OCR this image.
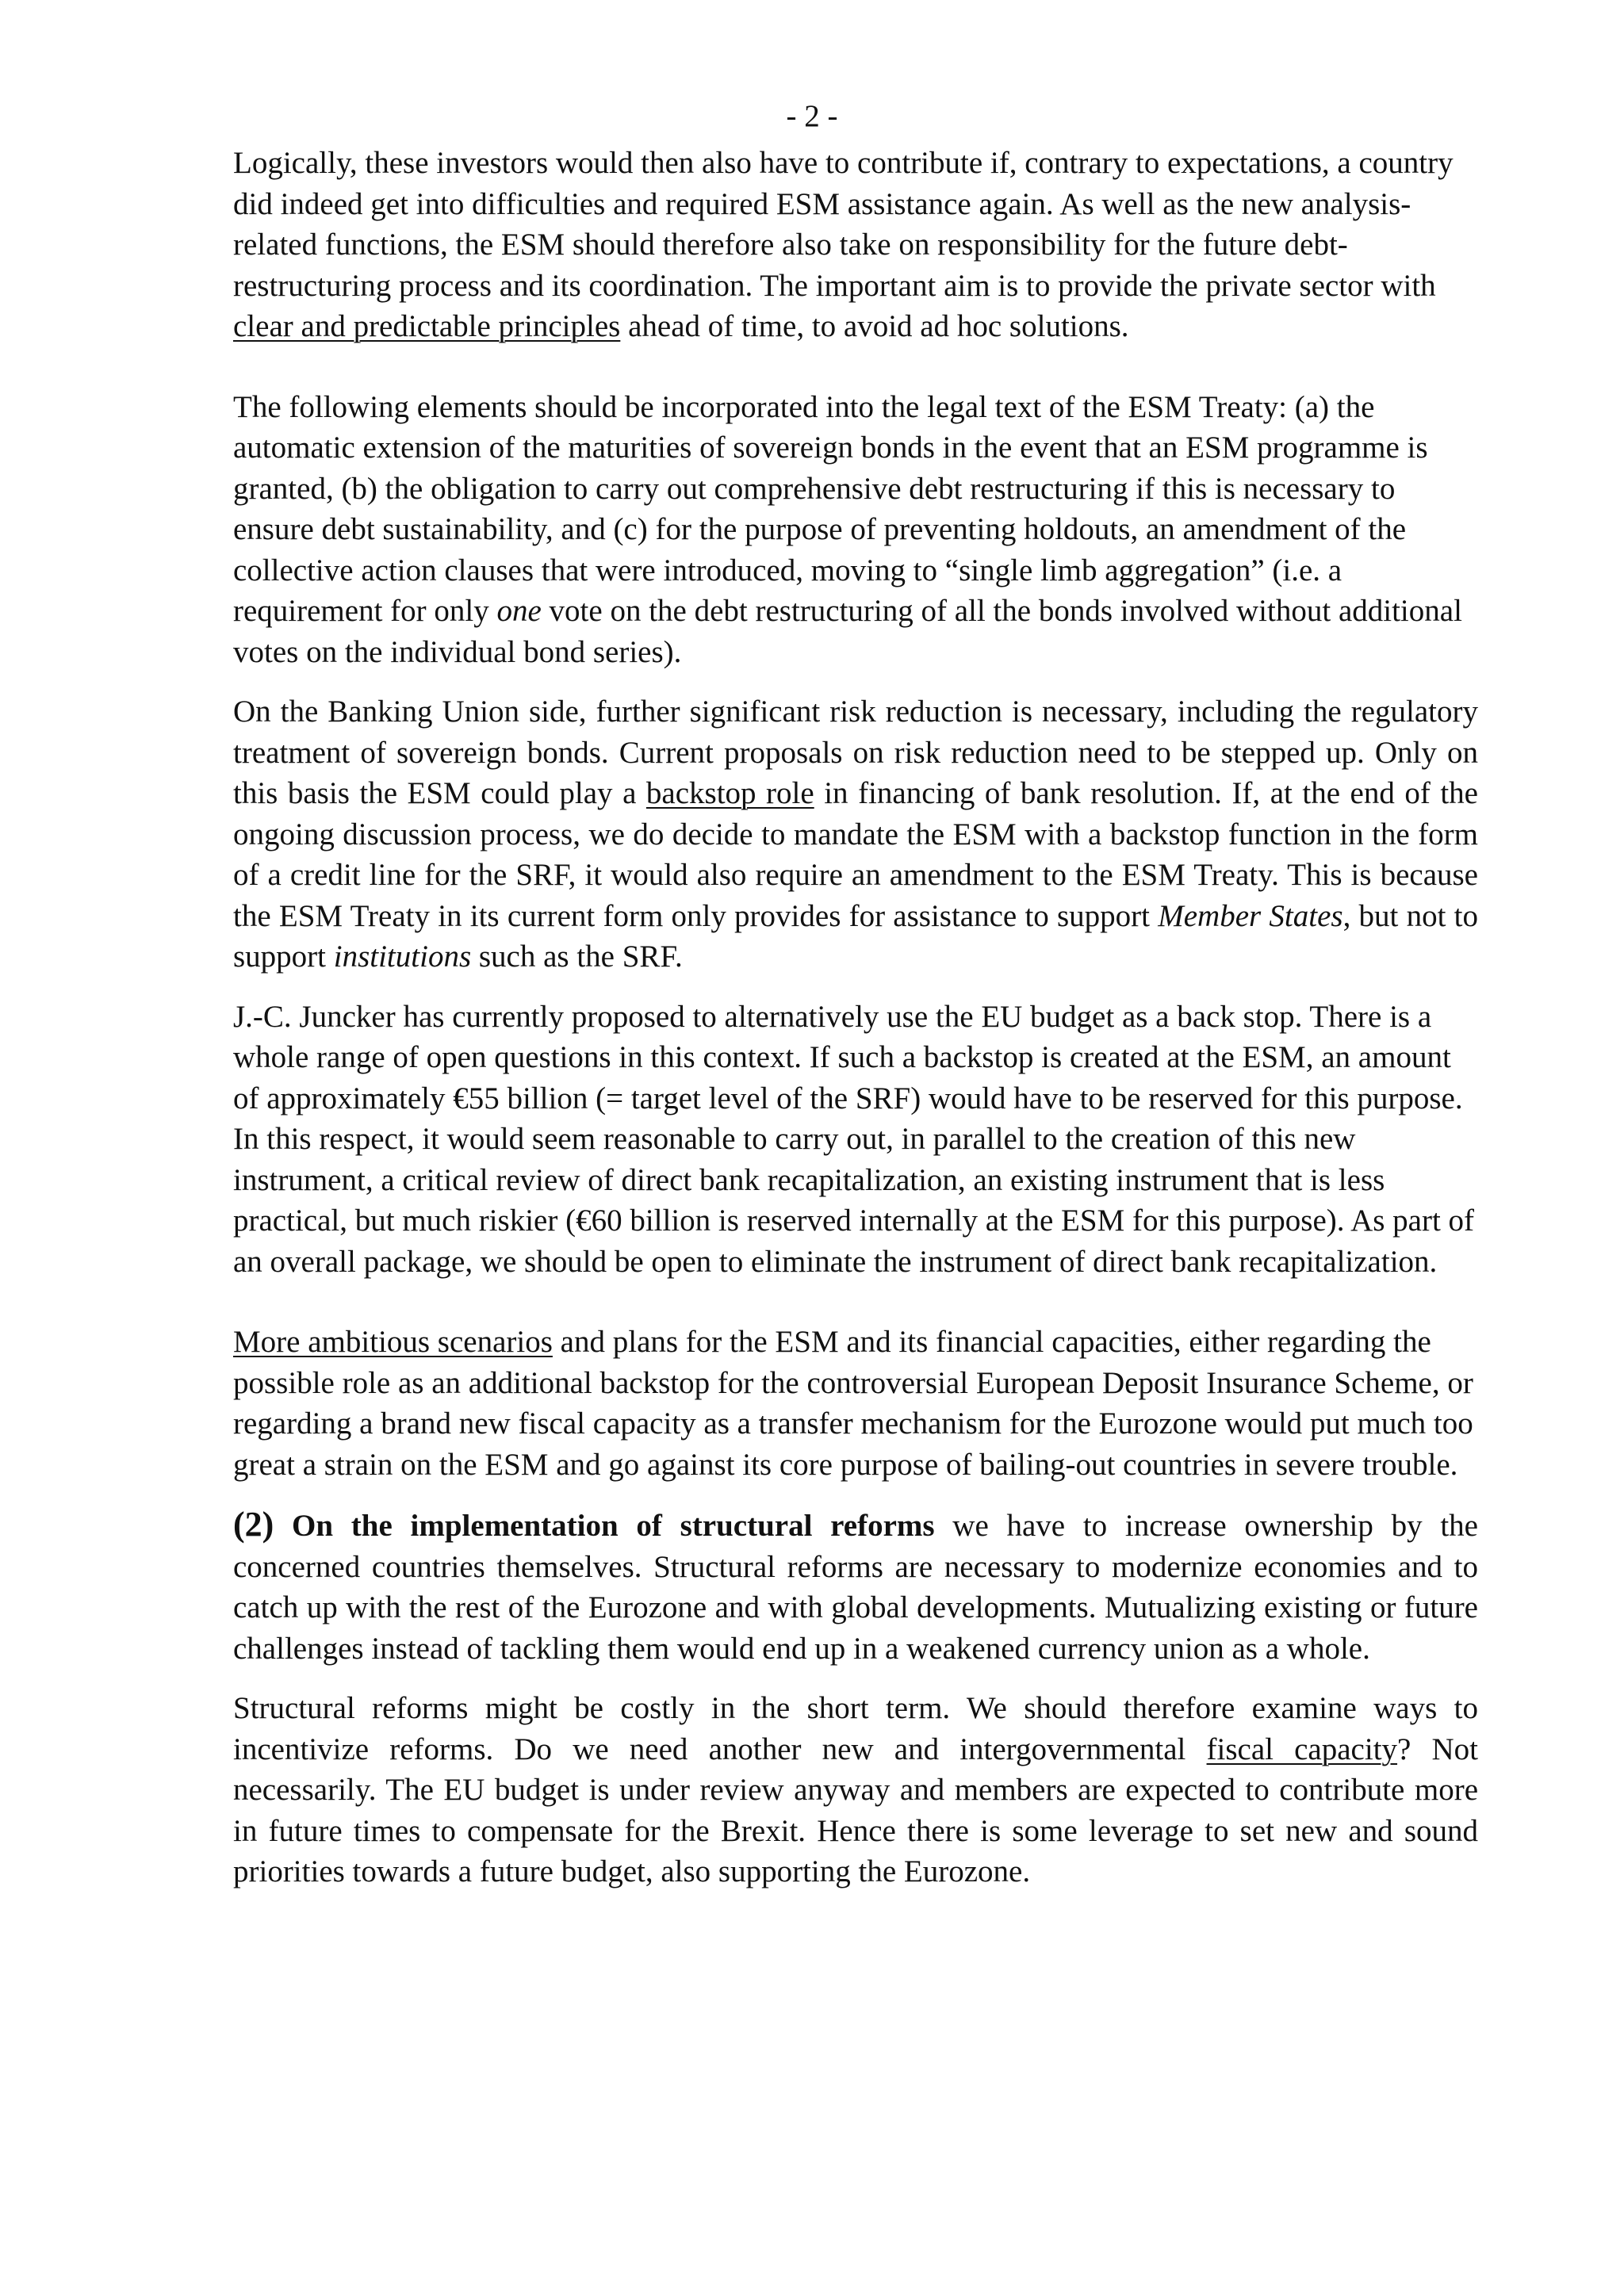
- 2 -

Logically, these investors would then also have to contribute if, contrary to expectations, a country did indeed get into difficulties and required ESM assistance again. As well as the new analysis-related functions, the ESM should therefore also take on responsibility for the future debt-restructuring process and its coordination. The important aim is to provide the private sector with clear and predictable principles ahead of time, to avoid ad hoc solutions.

The following elements should be incorporated into the legal text of the ESM Treaty: (a) the automatic extension of the maturities of sovereign bonds in the event that an ESM programme is granted, (b) the obligation to carry out comprehensive debt restructuring if this is necessary to ensure debt sustainability, and (c) for the purpose of preventing holdouts, an amendment of the collective action clauses that were introduced, moving to “single limb aggregation” (i.e. a requirement for only one vote on the debt restructuring of all the bonds involved without additional votes on the individual bond series).

On the Banking Union side, further significant risk reduction is necessary, including the regulatory treatment of sovereign bonds. Current proposals on risk reduction need to be stepped up. Only on this basis the ESM could play a backstop role in financing of bank resolution. If, at the end of the ongoing discussion process, we do decide to mandate the ESM with a backstop function in the form of a credit line for the SRF, it would also require an amendment to the ESM Treaty. This is because the ESM Treaty in its current form only provides for assistance to support Member States, but not to support institutions such as the SRF.

J.-C. Juncker has currently proposed to alternatively use the EU budget as a back stop. There is a whole range of open questions in this context. If such a backstop is created at the ESM, an amount of approximately €55 billion (= target level of the SRF) would have to be reserved for this purpose. In this respect, it would seem reasonable to carry out, in parallel to the creation of this new instrument, a critical review of direct bank recapitalization, an existing instrument that is less practical, but much riskier (€60 billion is reserved internally at the ESM for this purpose). As part of an overall package, we should be open to eliminate the instrument of direct bank recapitalization.

More ambitious scenarios and plans for the ESM and its financial capacities, either regarding the possible role as an additional backstop for the controversial European Deposit Insurance Scheme, or regarding a brand new fiscal capacity as a transfer mechanism for the Eurozone would put much too great a strain on the ESM and go against its core purpose of bailing-out countries in severe trouble.

(2) On the implementation of structural reforms we have to increase ownership by the concerned countries themselves. Structural reforms are necessary to modernize economies and to catch up with the rest of the Eurozone and with global developments. Mutualizing existing or future challenges instead of tackling them would end up in a weakened currency union as a whole.

Structural reforms might be costly in the short term. We should therefore examine ways to incentivize reforms. Do we need another new and intergovernmental fiscal capacity? Not necessarily. The EU budget is under review anyway and members are expected to contribute more in future times to compensate for the Brexit. Hence there is some leverage to set new and sound priorities towards a future budget, also supporting the Eurozone.
